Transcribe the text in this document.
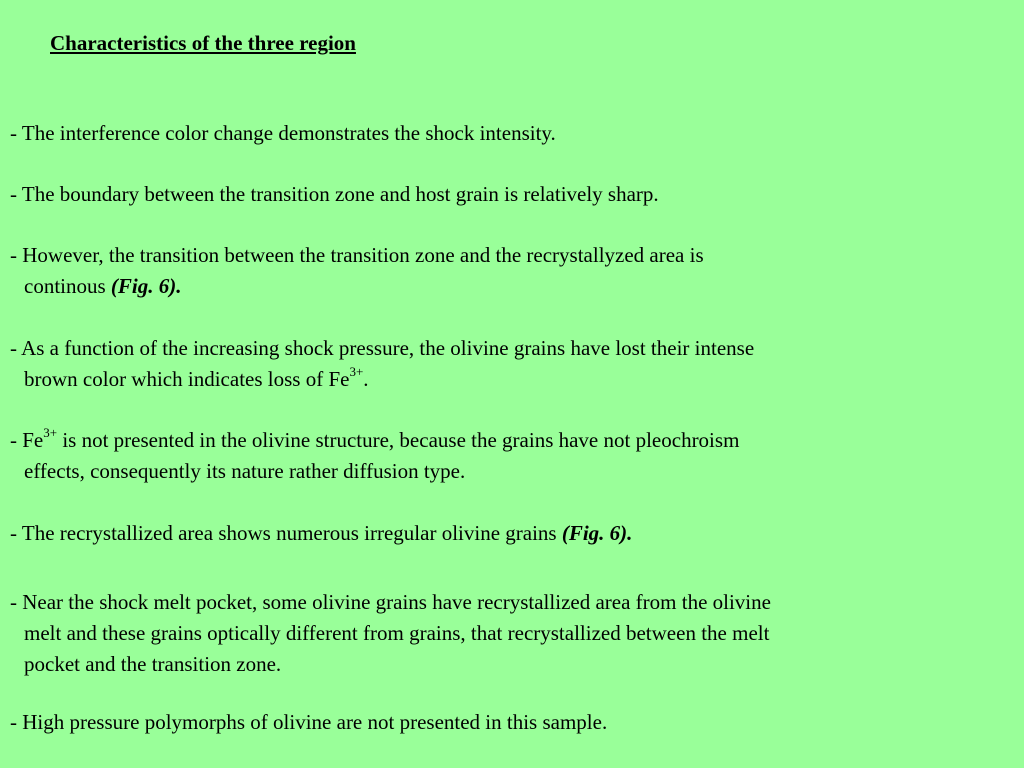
Characteristics of the three region

- The interference color change demonstrates the shock intensity.

- The boundary between the transition zone and host grain is relatively sharp.

- However, the transition between the transition zone and the recrystallyzed area is
continous (Fig. 6).

- As a function of the increasing shock pressure, the olivine grains have lost their intense
brown color which indicates loss of $Fe^{3+}$.

- $Fe^{3+}$ is not presented in the olivine structure, because the grains have not pleochroism
effects, consequently its nature rather diffusion type.

- The recrystallized area shows numerous irregular olivine grains (Fig. 6).

- Near the shock melt pocket, some olivine grains have recrystallized area from the olivine
melt and these grains optically different from grains, that recrystallized between the melt
pocket and the transition zone.

- High pressure polymorphs of olivine are not presented in this sample.
